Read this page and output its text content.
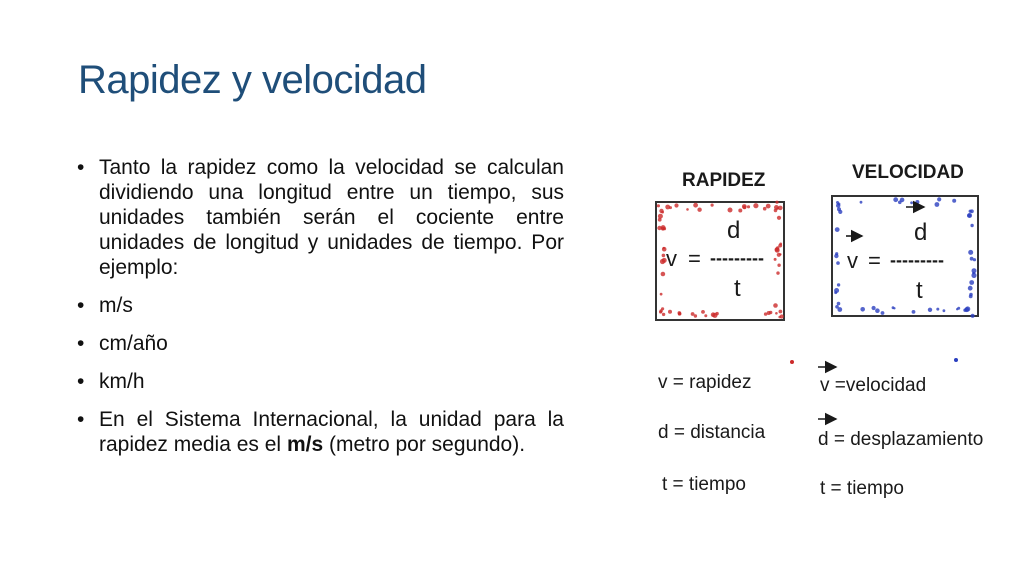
Rapidez y velocidad
• Tanto la rapidez como la velocidad se calculan dividiendo una longitud entre un tiempo, sus unidades también serán el cociente entre unidades de longitud y unidades de tiempo. Por ejemplo:
• m/s
• cm/año
• km/h
• En el Sistema Internacional, la unidad para la rapidez media es el m/s (metro por segundo).
RAPIDEZ
d
v = ---------
t
VELOCIDAD
d
v = ---------
t
v = rapidez
d = distancia
t = tiempo
v =velocidad
d = desplazamiento
t = tiempo
